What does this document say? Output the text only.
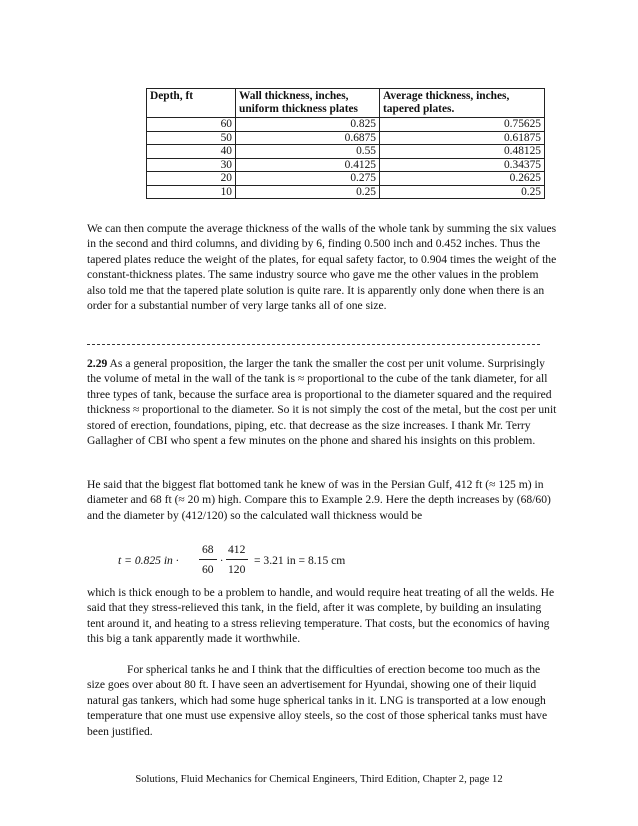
Depth, ft	Wall thickness, inches, uniform thickness plates	Average thickness, inches, tapered plates.
60	0.825	0.75625
50	0.6875	0.61875
40	0.55	0.48125
30	0.4125	0.34375
20	0.275	0.2625
10	0.25	0.25

We can then compute the average thickness of the walls of the whole tank by summing the six values in the second and third columns, and dividing by 6, finding 0.500 inch and 0.452 inches. Thus the tapered plates reduce the weight of the plates, for equal safety factor, to 0.904 times the weight of the constant-thickness plates. The same industry source who gave me the other values in the problem also told me that the tapered plate solution is quite rare. It is apparently only done when there is an order for a substantial number of very large tanks all of one size.

2.29 As a general proposition, the larger the tank the smaller the cost per unit volume. Surprisingly the volume of metal in the wall of the tank is ≈ proportional to the cube of the tank diameter, for all three types of tank, because the surface area is proportional to the diameter squared and the required thickness ≈ proportional to the diameter. So it is not simply the cost of the metal, but the cost per unit stored of erection, foundations, piping, etc. that decrease as the size increases. I thank Mr. Terry Gallagher of CBI who spent a few minutes on the phone and shared his insights on this problem.

He said that the biggest flat bottomed tank he knew of was in the Persian Gulf, 412 ft (≈ 125 m) in diameter and 68 ft (≈ 20 m) high. Compare this to Example 2.9. Here the depth increases by (68/60) and the diameter by (412/120) so the calculated wall thickness would be

t = 0.825 in ·
68
60
·
412
120
= 3.21 in = 8.15 cm

which is thick enough to be a problem to handle, and would require heat treating of all the welds. He said that they stress-relieved this tank, in the field, after it was complete, by building an insulating tent around it, and heating to a stress relieving temperature. That costs, but the economics of having this big a tank apparently made it worthwhile.

For spherical tanks he and I think that the difficulties of erection become too much as the size goes over about 80 ft. I have seen an advertisement for Hyundai, showing one of their liquid natural gas tankers, which had some huge spherical tanks in it. LNG is transported at a low enough temperature that one must use expensive alloy steels, so the cost of those spherical tanks must have been justified.

Solutions, Fluid Mechanics for Chemical Engineers, Third Edition, Chapter 2, page 12
